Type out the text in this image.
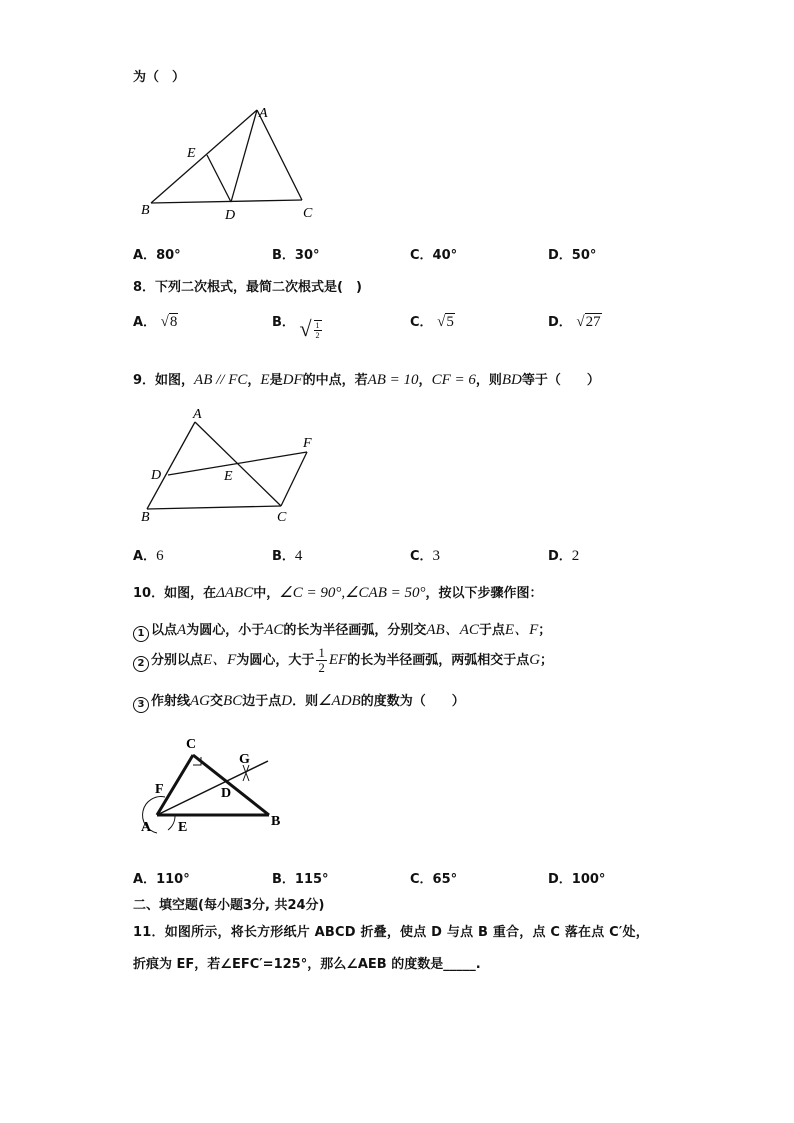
为（　）
A
E
B	D	C
A．80°	B．30°	C．40°	D．50°
8．下列二次根式，最简二次根式是(　)
A． √8	B． √ $\frac{1}{2}$	C． √5	D． √27
9．如图，AB // FC，E是DF的中点，若AB = 10，CF = 6，则BD等于（　　）
A
F
D	E
B	C
A．6	B．4	C．3	D．2
10．如图，在ΔABC中，∠C = 90°,∠CAB = 50°，按以下步骤作图：
1 以点A为圆心，小于AC的长为半径画弧，分别交AB、AC于点E、F；
2 分别以点E、F为圆心，大于 $\frac{1}{2}$ EF的长为半径画弧，两弧相交于点G；
3 作射线AG交BC边于点D．则∠ADB的度数为（　　）
C
G
F	D
A E	B
A．110°	B．115°	C．65°	D．100°
二、填空题(每小题3分, 共24分)
11．如图所示，将长方形纸片 ABCD 折叠，使点 D 与点 B 重合，点 C 落在点 C′处，
折痕为 EF，若∠EFC′=125°，那么∠AEB 的度数是_____.
